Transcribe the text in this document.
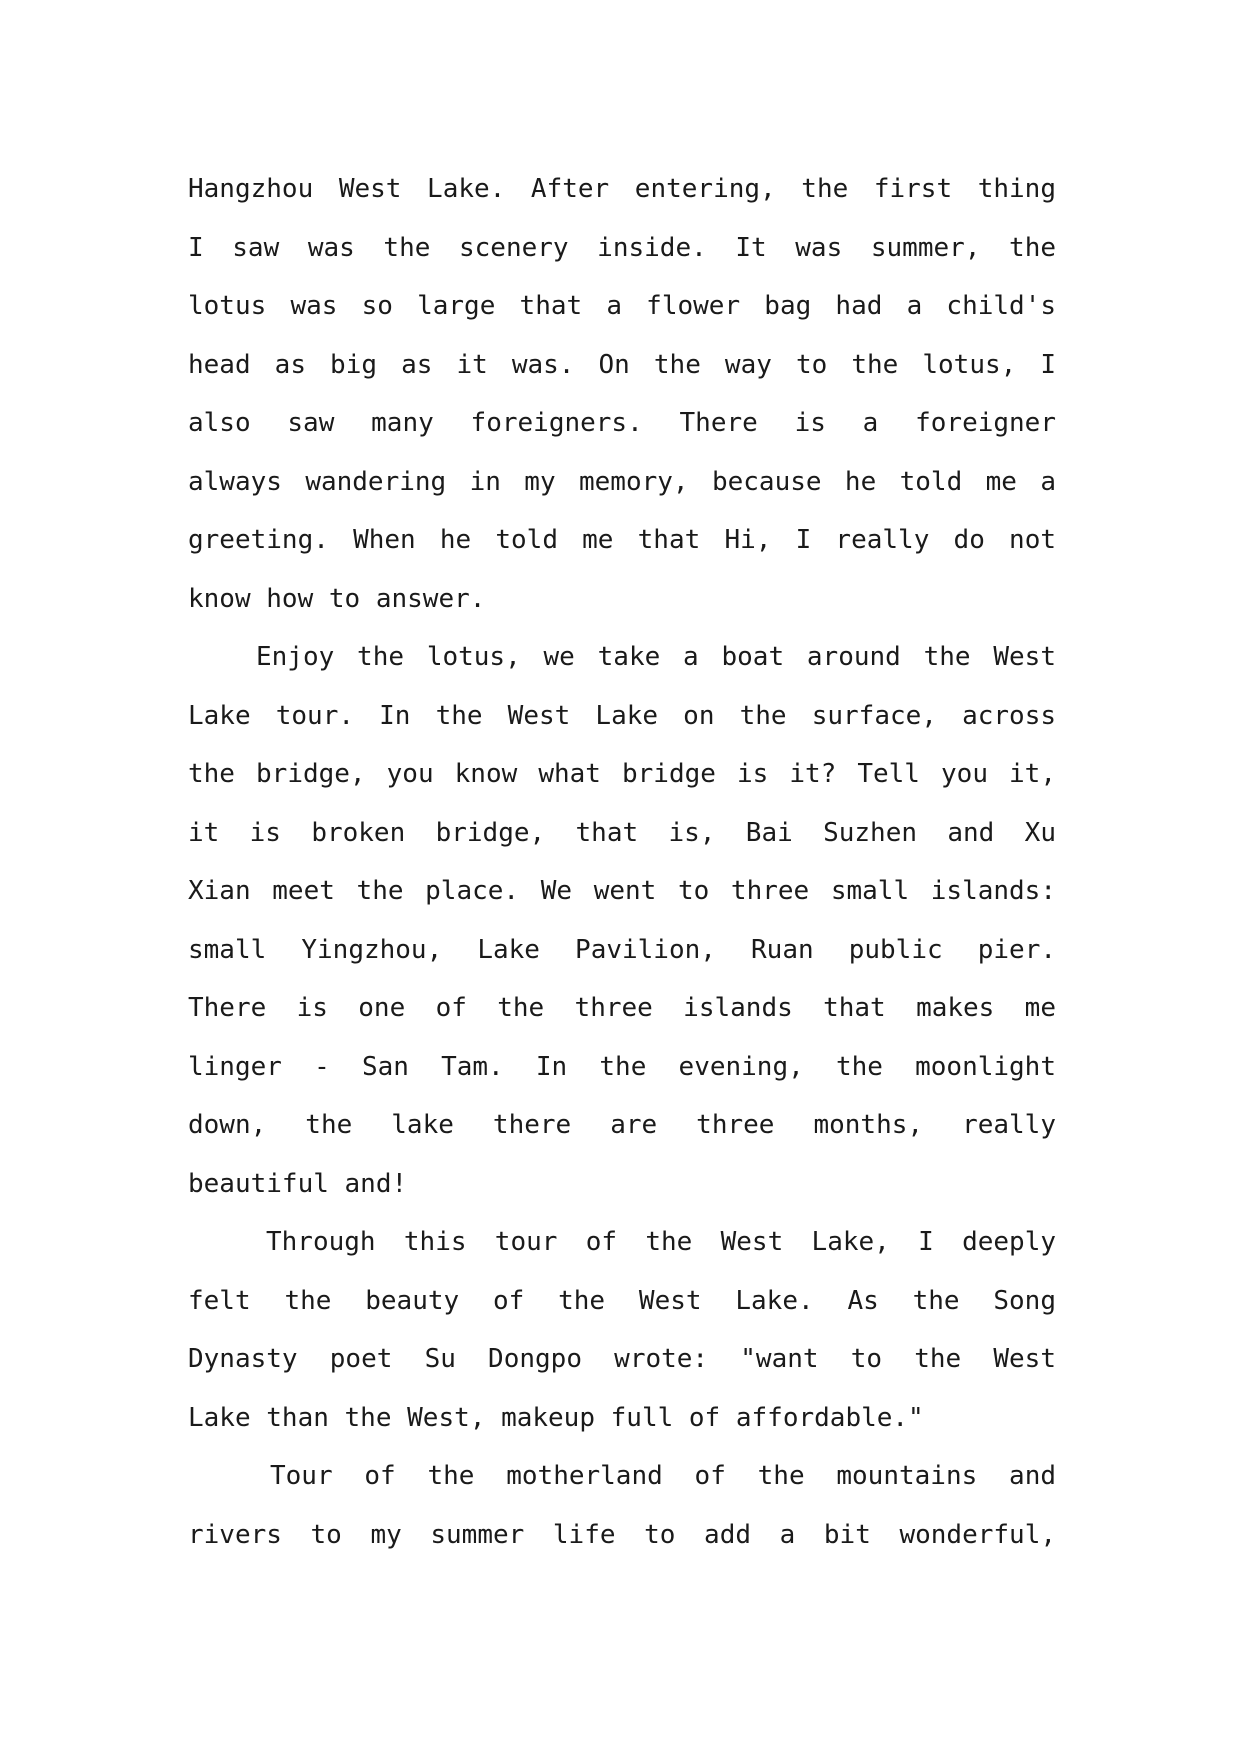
Hangzhou West Lake. After entering, the first thing
I saw was the scenery inside. It was summer, the
lotus was so large that a flower bag had a child's
head as big as it was. On the way to the lotus, I
also saw many foreigners. There is a foreigner
always wandering in my memory, because he told me a
greeting. When he told me that Hi, I really do not
know how to answer.
Enjoy the lotus, we take a boat around the West
Lake tour. In the West Lake on the surface, across
the bridge, you know what bridge is it? Tell you it,
it is broken bridge, that is, Bai Suzhen and Xu
Xian meet the place. We went to three small islands:
small Yingzhou, Lake Pavilion, Ruan public pier.
There is one of the three islands that makes me
linger - San Tam. In the evening, the moonlight
down, the lake there are three months, really
beautiful and!
Through this tour of the West Lake, I deeply
felt the beauty of the West Lake. As the Song
Dynasty poet Su Dongpo wrote: "want to the West
Lake than the West, makeup full of affordable."
Tour of the motherland of the mountains and
rivers to my summer life to add a bit wonderful,
